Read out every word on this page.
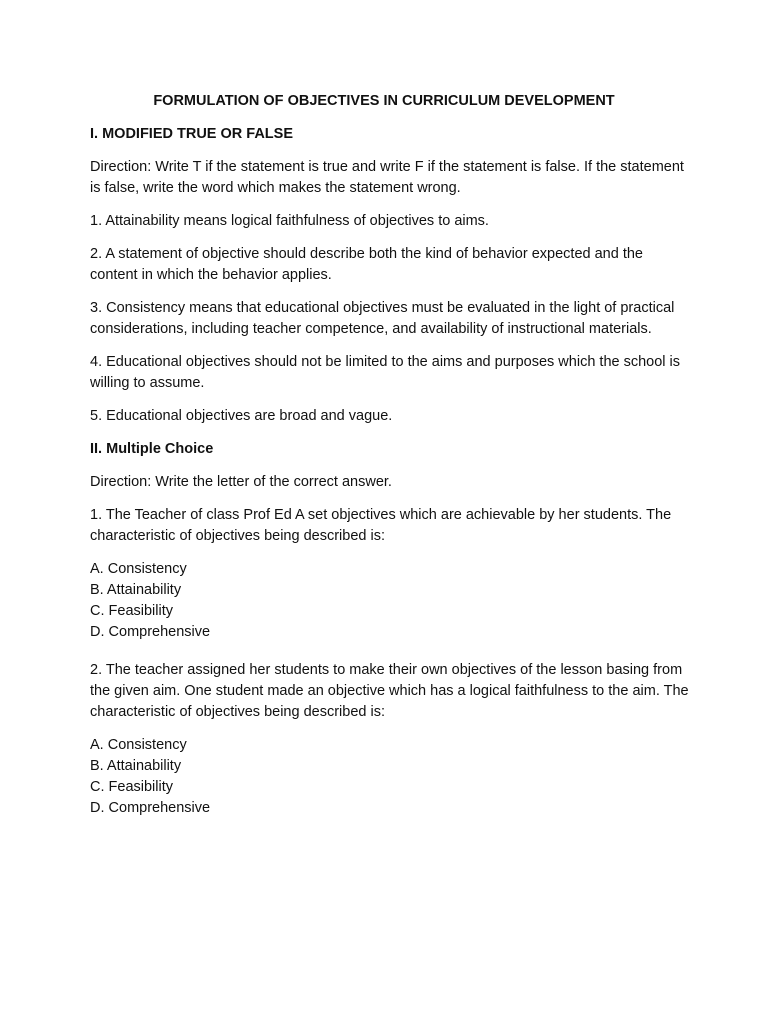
FORMULATION OF OBJECTIVES IN CURRICULUM DEVELOPMENT
I. MODIFIED TRUE OR FALSE
Direction: Write T if the statement is true and write F if the statement is false. If the statement is false, write the word which makes the statement wrong.
1. Attainability means logical faithfulness of objectives to aims.
2. A statement of objective should describe both the kind of behavior expected and the content in which the behavior applies.
3. Consistency means that educational objectives must be evaluated in the light of practical considerations, including teacher competence, and availability of instructional materials.
4. Educational objectives should not be limited to the aims and purposes which the school is willing to assume.
5. Educational objectives are broad and vague.
II. Multiple Choice
Direction: Write the letter of the correct answer.
1. The Teacher of class Prof Ed A set objectives which are achievable by her students. The characteristic of objectives being described is:
A. Consistency
B. Attainability
C. Feasibility
D. Comprehensive
2. The teacher assigned her students to make their own objectives of the lesson basing from the given aim. One student made an objective which has a logical faithfulness to the aim. The characteristic of objectives being described is:
A. Consistency
B. Attainability
C. Feasibility
D. Comprehensive
